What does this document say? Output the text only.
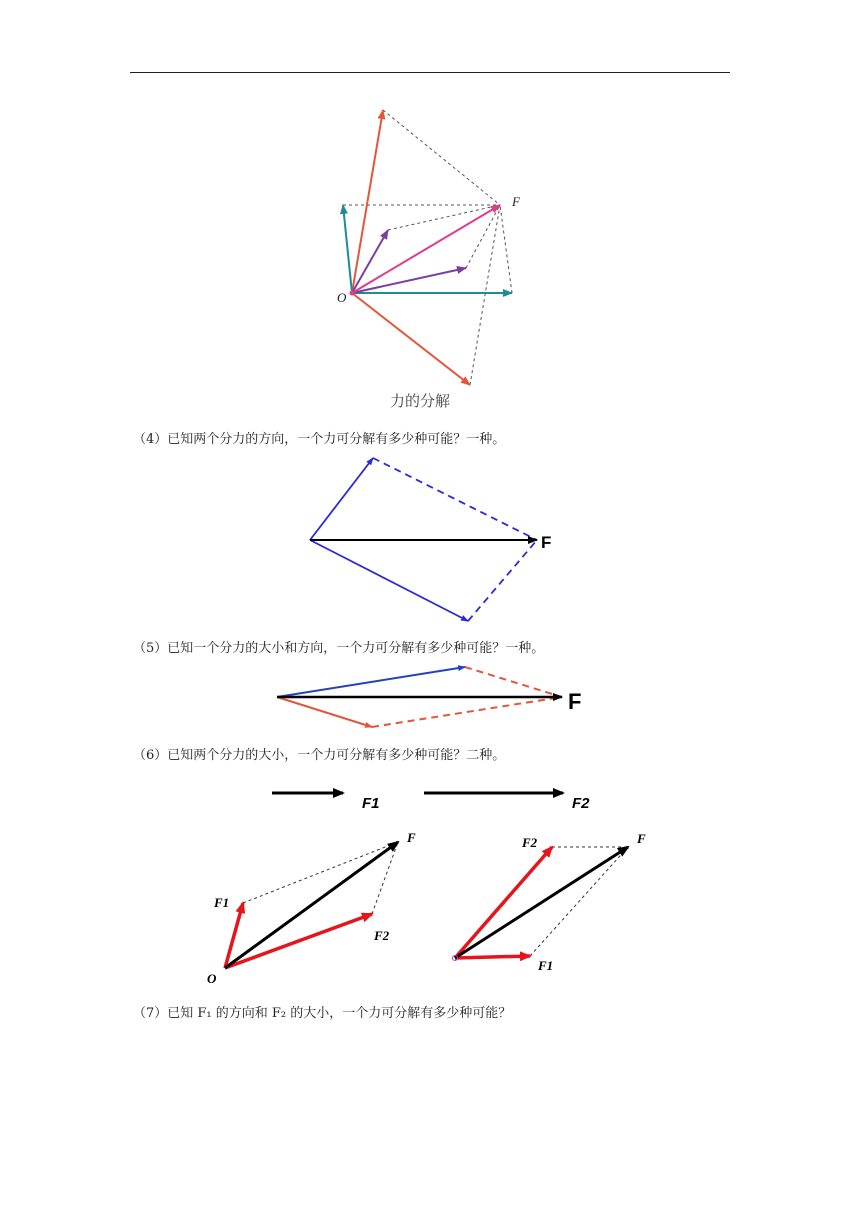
F
O
F
F
F1	F2
F
F1
F2
O
F
F2
F1
力的分解
（4）已知两个分力的方向，一个力可分解有多少种可能？一种。
（5）已知一个分力的大小和方向，一个力可分解有多少种可能？一种。
（6）已知两个分力的大小，一个力可分解有多少种可能？二种。
（7）已知 F₁ 的方向和 F₂ 的大小，一个力可分解有多少种可能？
